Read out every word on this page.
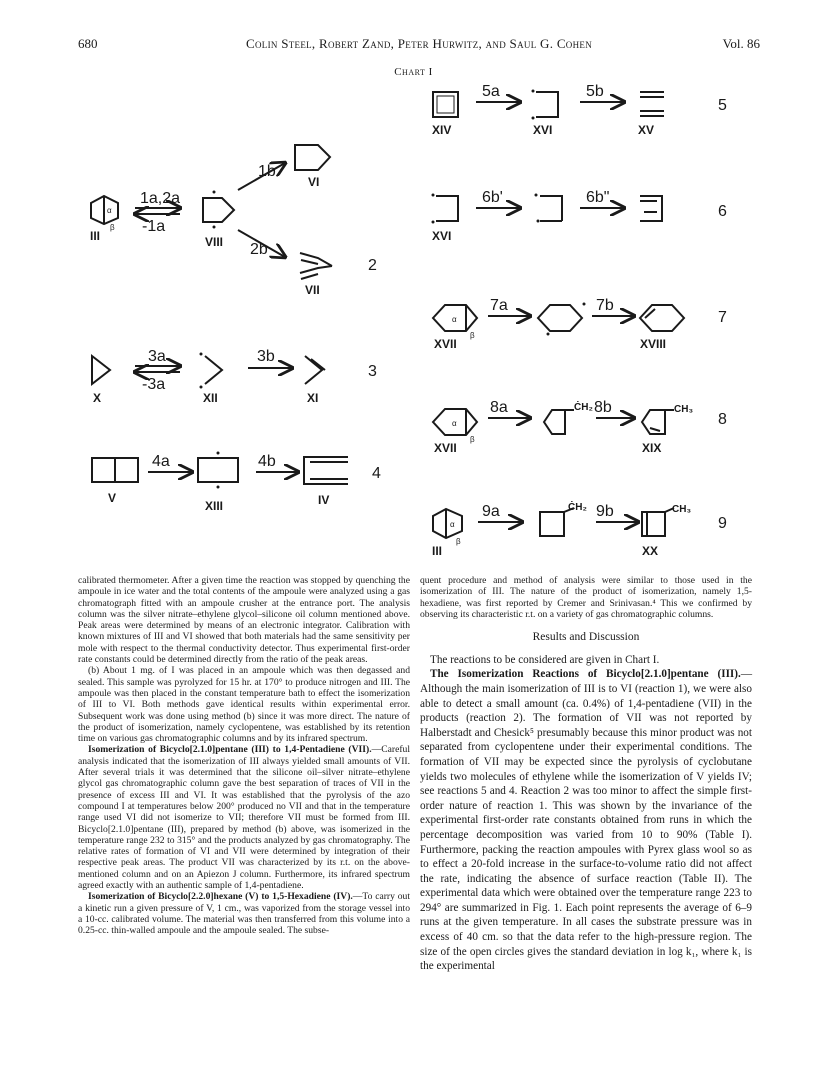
680	Colin Steel, Robert Zand, Peter Hurwitz, and Saul G. Cohen	Vol. 86
Chart I
α
β
III
1a,2a
-1a
VIII
1b
VI
2b
VII
2
X
3a
-3a
XII
3b
XI
3
V
4a
XIII
4b
IV
4
XIV
5a
XVI
5b
XV
5
XVI
6b'	6b"
6
α
β
XVII
7a	7b
XVIII
7
α
β
XVII
8a	ĊH₂ 8b	CH₃
XIX
8
α
β
III
9a	ĊH₂ 9b	CH₃
XX
9

calibrated thermometer. After a given time the reaction was stopped by quenching the ampoule in ice water and the total contents of the ampoule were analyzed using a gas chromatograph fitted with an ampoule crusher at the entrance port. The analysis column was the silver nitrate–ethylene glycol–silicone oil column mentioned above. Peak areas were determined by means of an electronic integrator. Calibration with known mixtures of III and VI showed that both materials had the same sensitivity per mole with respect to the thermal conductivity detector. Thus experimental first-order rate constants could be determined directly from the ratio of the peak areas.

(b) About 1 mg. of I was placed in an ampoule which was then degassed and sealed. This sample was pyrolyzed for 15 hr. at 170° to produce nitrogen and III. The ampoule was then placed in the constant temperature bath to effect the isomerization of III to VI. Both methods gave identical results within experimental error. Subsequent work was done using method (b) since it was more direct. The nature of the product of isomerization, namely cyclopentene, was established by its retention time on various gas chromatographic columns and by its infrared spectrum.

Isomerization of Bicyclo[2.1.0]pentane (III) to 1,4-Pentadiene (VII).—Careful analysis indicated that the isomerization of III always yielded small amounts of VII. After several trials it was determined that the silicone oil–silver nitrate–ethylene glycol gas chromatographic column gave the best separation of traces of VII in the presence of excess III and VI. It was established that the pyrolysis of the azo compound I at temperatures below 200° produced no VII and that in the temperature range used VI did not isomerize to VII; therefore VII must be formed from III. Bicyclo[2.1.0]pentane (III), prepared by method (b) above, was isomerized in the temperature range 232 to 315° and the products analyzed by gas chromatography. The relative rates of formation of VI and VII were determined by integration of their respective peak areas. The product VII was characterized by its r.t. on the above-mentioned column and on an Apiezon J column. Furthermore, its infrared spectrum agreed exactly with an authentic sample of 1,4-pentadiene.

Isomerization of Bicyclo[2.2.0]hexane (V) to 1,5-Hexadiene (IV).—To carry out a kinetic run a given pressure of V, 1 cm., was vaporized from the storage vessel into a 10-cc. calibrated volume. The material was then transferred from this volume into a 0.25-cc. thin-walled ampoule and the ampoule sealed. The subse-

quent procedure and method of analysis were similar to those used in the isomerization of III. The nature of the product of isomerization, namely 1,5-hexadiene, was first reported by Cremer and Srinivasan.⁴ This we confirmed by observing its characteristic r.t. on a variety of gas chromatographic columns.

Results and Discussion

The reactions to be considered are given in Chart I.

The Isomerization Reactions of Bicyclo[2.1.0]pentane (III).—Although the main isomerization of III is to VI (reaction 1), we were also able to detect a small amount (ca. 0.4%) of 1,4-pentadiene (VII) in the products (reaction 2). The formation of VII was not reported by Halberstadt and Chesick⁵ presumably because this minor product was not separated from cyclopentene under their experimental conditions. The formation of VII may be expected since the pyrolysis of cyclobutane yields two molecules of ethylene while the isomerization of V yields IV; see reactions 5 and 4. Reaction 2 was too minor to affect the simple first-order nature of reaction 1. This was shown by the invariance of the experimental first-order rate constants obtained from runs in which the percentage decomposition was varied from 10 to 90% (Table I). Furthermore, packing the reaction ampoules with Pyrex glass wool so as to effect a 20-fold increase in the surface-to-volume ratio did not affect the rate, indicating the absence of surface reaction (Table II). The experimental data which were obtained over the temperature range 223 to 294° are summarized in Fig. 1. Each point represents the average of 6–9 runs at the given temperature. In all cases the substrate pressure was in excess of 40 cm. so that the data refer to the high-pressure region. The size of the open circles gives the standard deviation in log k₁, where k₁ is the experimental
